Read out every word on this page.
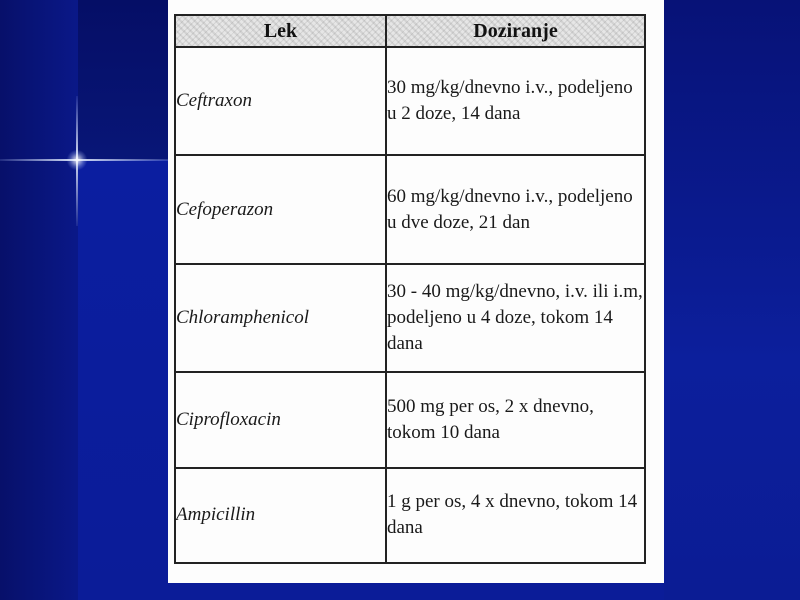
Lek	Doziranje
Ceftraxon	30 mg/kg/dnevno i.v., podeljeno u 2 doze, 14 dana
Cefoperazon	60 mg/kg/dnevno i.v., podeljeno u dve doze, 21 dan
Chloramphenicol	30 - 40 mg/kg/dnevno, i.v. ili i.m, podeljeno u 4 doze, tokom 14 dana
Ciprofloxacin	500 mg per os, 2 x dnevno, tokom 10 dana
Ampicillin	1 g per os, 4 x dnevno, tokom 14 dana
